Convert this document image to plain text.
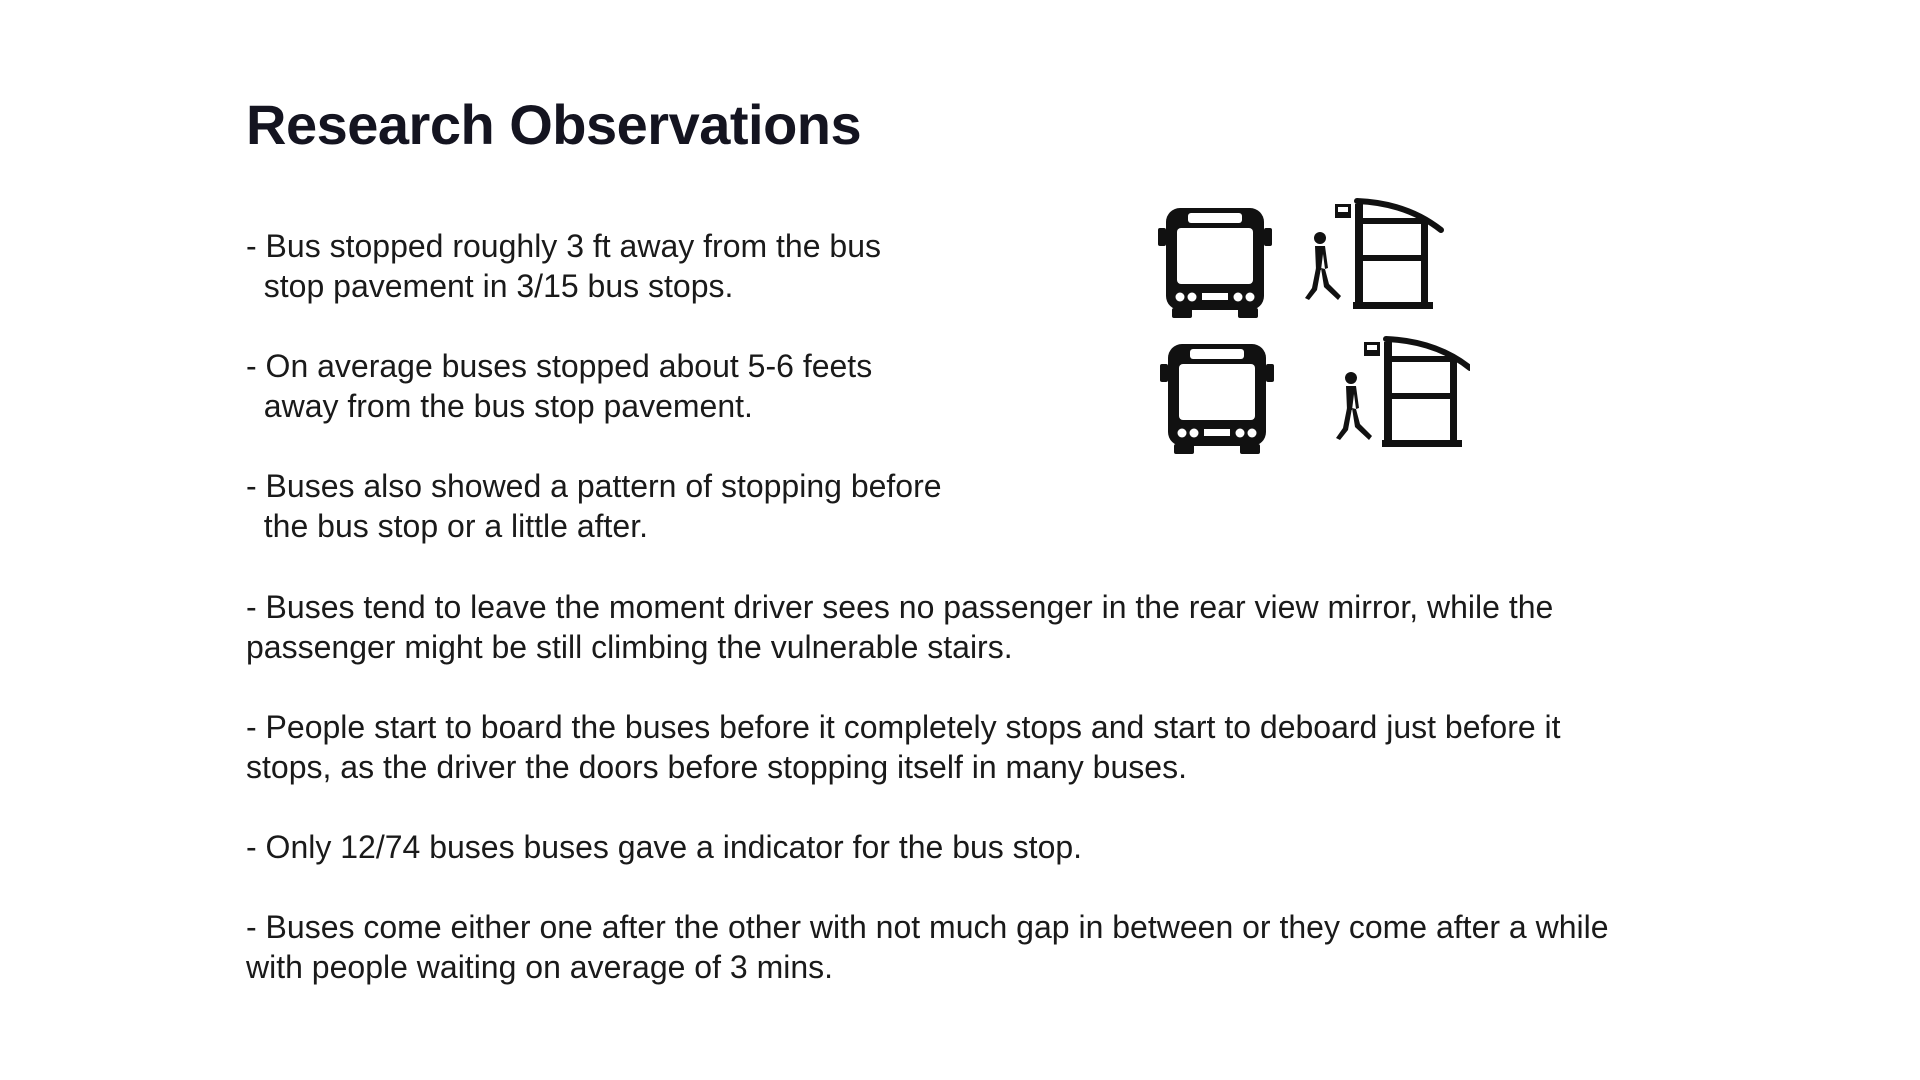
Research Observations
- Bus stopped roughly 3 ft away from the bus
stop pavement in 3/15 bus stops.
- On average buses stopped about 5-6 feets
away from the bus stop pavement.
- Buses also showed a pattern of stopping before
the bus stop or a little after.
- Buses tend to leave the moment driver sees no passenger in the rear view mirror, while the
passenger might be still climbing the vulnerable stairs.
- People start to board the buses before it completely stops and start to deboard just before it
stops, as the driver the doors before stopping itself in many buses.
- Only 12/74 buses buses gave a indicator for the bus stop.
- Buses come either one after the other with not much gap in between or they come after a while
with people waiting on average of 3 mins.
